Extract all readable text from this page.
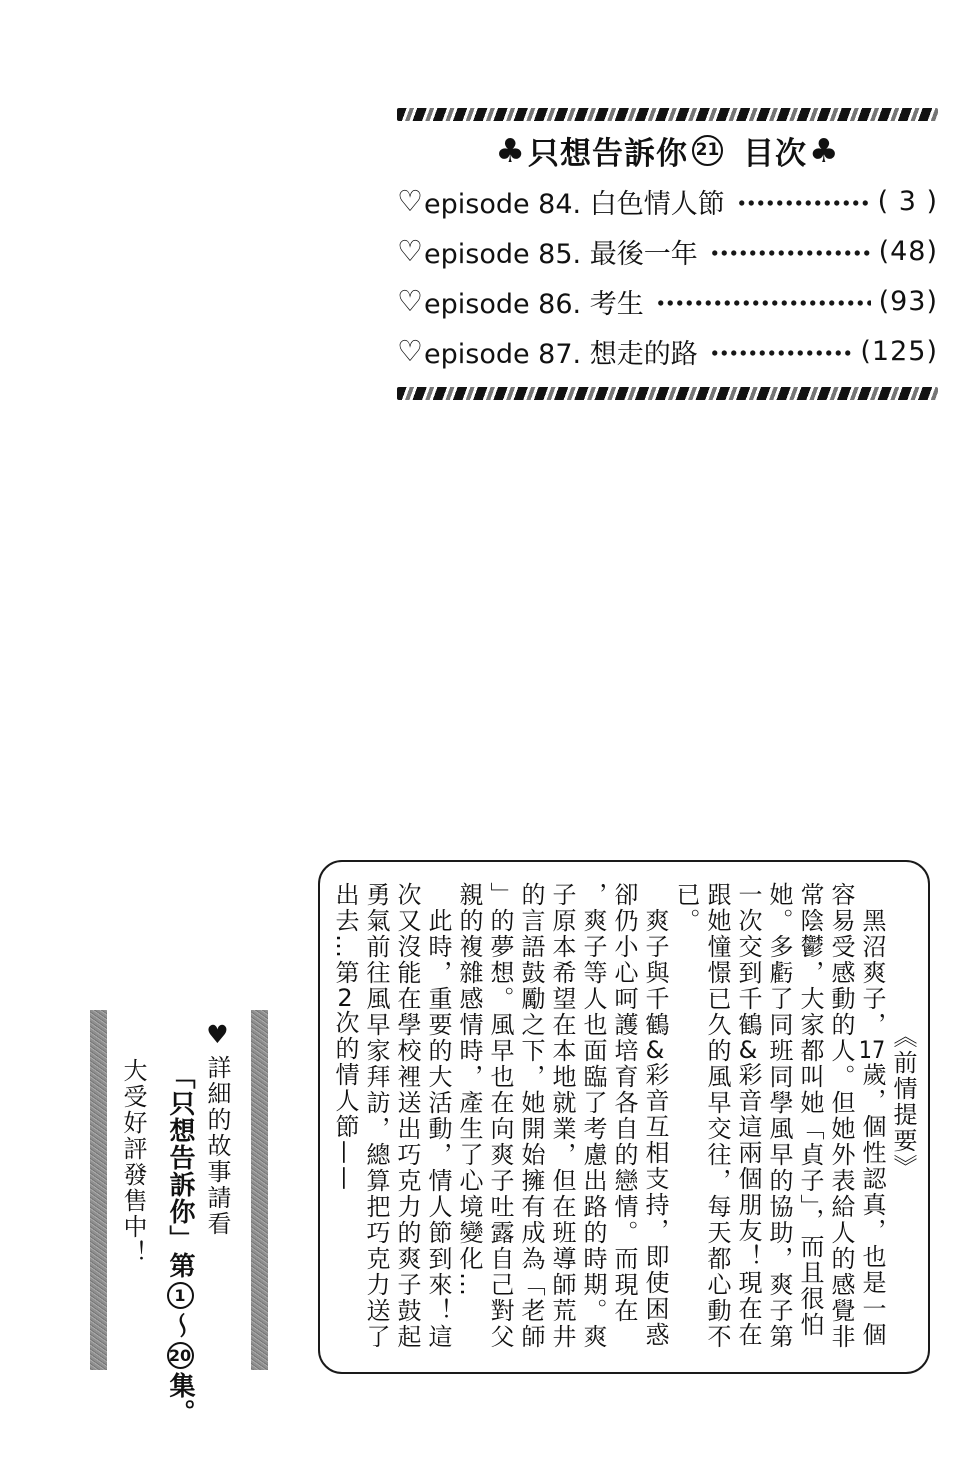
♣ 只想告訴你 21 目次 ♣
♡ episode 84. 白色情人節	( 3 )
♡ episode 85. 最後一年	(48)
♡ episode 86. 考生	(93)
♡ episode 87. 想走的路	(125)
《前情提要》
　黑沼爽子，17歲，個性認真，也是一個
容易受感動的人。但她外表給人的感覺非
常陰鬱，大家都叫她「貞子」，而且很怕
她。多虧了同班同學風早的協助，爽子第
一次交到千鶴&彩音這兩個朋友！現在在
跟她憧憬已久的風早交往，每天都心動不
已。
　爽子與千鶴&彩音互相支持，即使困惑
卻仍小心呵護培育各自的戀情。而現在
，爽子等人也面臨了考慮出路的時期。爽
子原本希望在本地就業，但在班導師荒井
的言語鼓勵之下，她開始擁有成為「老師
」的夢想。風早也在向爽子吐露自己對父
親的複雜感情時，產生了心境變化…
　此時，重要的大活動，情人節到來！這
次又沒能在學校裡送出巧克力的爽子鼓起
勇氣前往風早家拜訪，總算把巧克力送了
出去…第2次的情人節——
♥詳細的故事請看
「只想告訴你」第1〜20集。
大受好評發售中！
